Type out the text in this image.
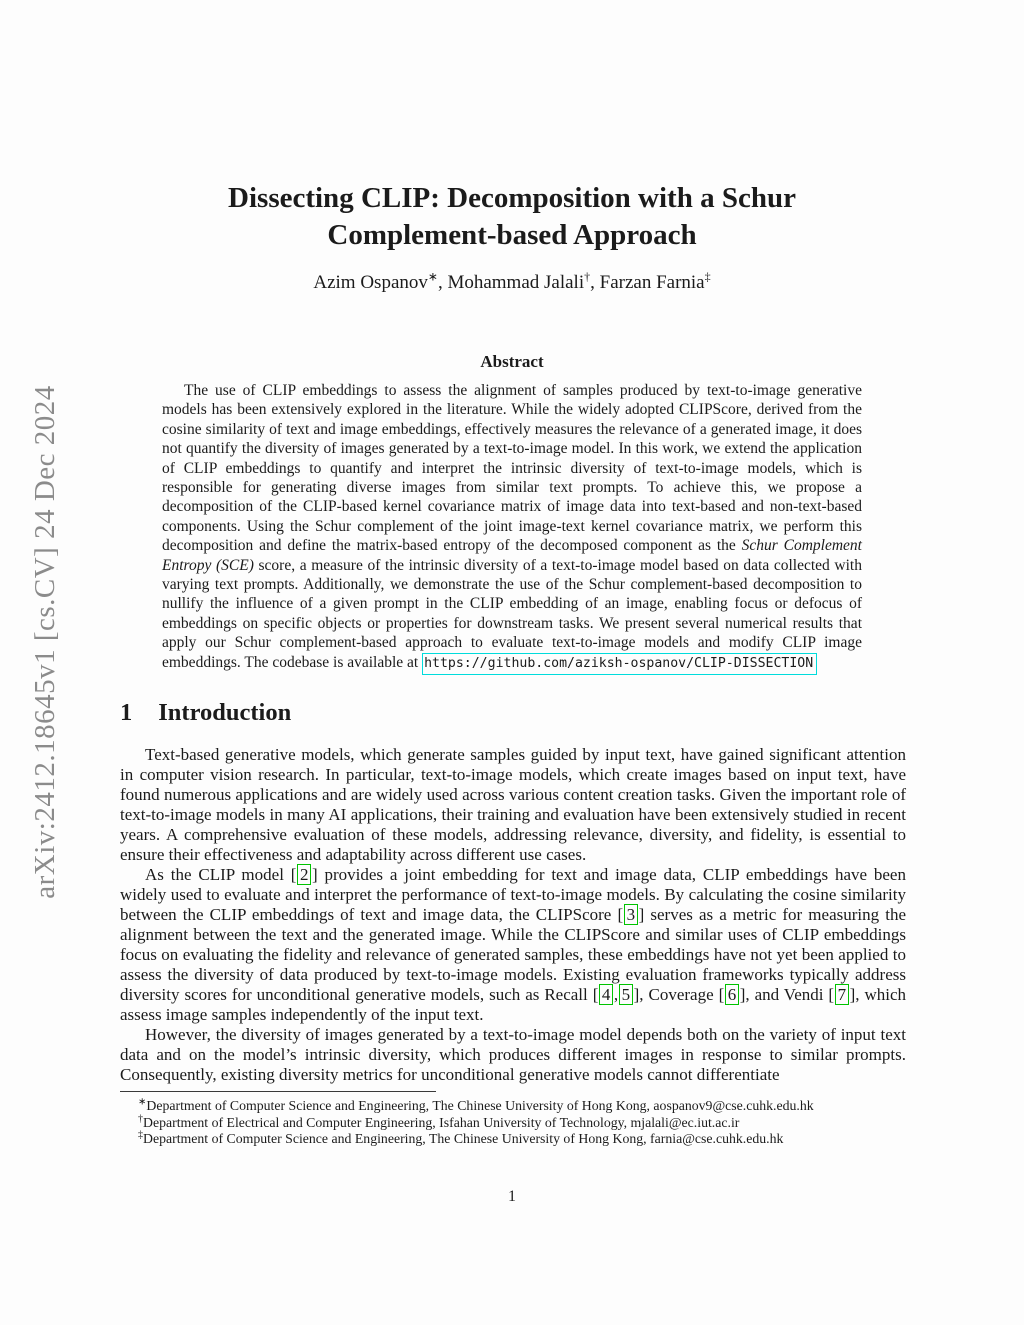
arXiv:2412.18645v1 [cs.CV] 24 Dec 2024
Dissecting CLIP: Decomposition with a Schur
Complement-based Approach
Azim Ospanov∗, Mohammad Jalali†, Farzan Farnia‡
Abstract
The use of CLIP embeddings to assess the alignment of samples produced by text-to-image generative models has been extensively explored in the literature. While the widely adopted CLIPScore, derived from the cosine similarity of text and image embeddings, effectively measures the relevance of a generated image, it does not quantify the diversity of images generated by a text-to-image model. In this work, we extend the application of CLIP embeddings to quantify and interpret the intrinsic diversity of text-to-image models, which is responsible for generating diverse images from similar text prompts. To achieve this, we propose a decomposition of the CLIP-based kernel covariance matrix of image data into text-based and non-text-based components. Using the Schur complement of the joint image-text kernel covariance matrix, we perform this decomposition and define the matrix-based entropy of the decomposed component as the Schur Complement Entropy (SCE) score, a measure of the intrinsic diversity of a text-to-image model based on data collected with varying text prompts. Additionally, we demonstrate the use of the Schur complement-based decomposition to nullify the influence of a given prompt in the CLIP embedding of an image, enabling focus or defocus of embeddings on specific objects or properties for downstream tasks. We present several numerical results that apply our Schur complement-based approach to evaluate text-to-image models and modify CLIP image embeddings. The codebase is available at https://github.com/aziksh-ospanov/CLIP-DISSECTION
1 Introduction

Text-based generative models, which generate samples guided by input text, have gained significant attention in computer vision research. In particular, text-to-image models, which create images based on input text, have found numerous applications and are widely used across various content creation tasks. Given the important role of text-to-image models in many AI applications, their training and evaluation have been extensively studied in recent years. A comprehensive evaluation of these models, addressing relevance, diversity, and fidelity, is essential to ensure their effectiveness and adaptability across different use cases.

As the CLIP model [ 2 ] provides a joint embedding for text and image data, CLIP embeddings have been widely used to evaluate and interpret the performance of text-to-image models. By calculating the cosine similarity between the CLIP embeddings of text and image data, the CLIPScore [ 3 ] serves as a metric for measuring the alignment between the text and the generated image. While the CLIPScore and similar uses of CLIP embeddings focus on evaluating the fidelity and relevance of generated samples, these embeddings have not yet been applied to assess the diversity of data produced by text-to-image models. Existing evaluation frameworks typically address diversity scores for unconditional generative models, such as Recall [ 4 , 5 ], Coverage [ 6 ], and Vendi [ 7 ], which assess image samples independently of the input text.

However, the diversity of images generated by a text-to-image model depends both on the variety of input text data and on the model’s intrinsic diversity, which produces different images in response to similar prompts. Consequently, existing diversity metrics for unconditional generative models cannot differentiate

∗Department of Computer Science and Engineering, The Chinese University of Hong Kong, aospanov9@cse.cuhk.edu.hk
†Department of Electrical and Computer Engineering, Isfahan University of Technology, mjalali@ec.iut.ac.ir
‡Department of Computer Science and Engineering, The Chinese University of Hong Kong, farnia@cse.cuhk.edu.hk
1
